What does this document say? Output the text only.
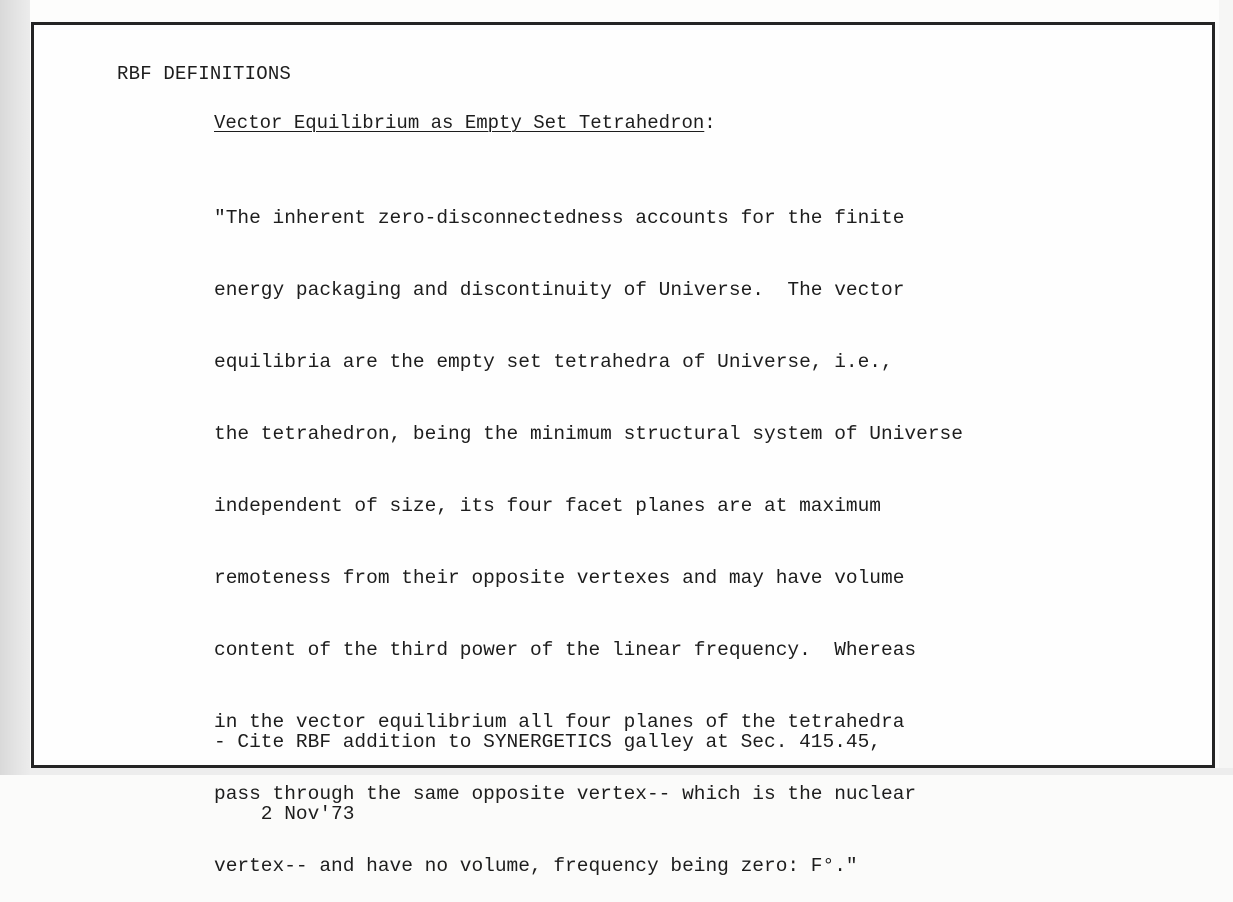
RBF DEFINITIONS
Vector Equilibrium as Empty Set Tetrahedron:

"The inherent zero-disconnectedness accounts for the finite

energy packaging and discontinuity of Universe.  The vector

equilibria are the empty set tetrahedra of Universe, i.e.,

the tetrahedron, being the minimum structural system of Universe

independent of size, its four facet planes are at maximum

remoteness from their opposite vertexes and may have volume

content of the third power of the linear frequency.  Whereas

in the vector equilibrium all four planes of the tetrahedra

pass through the same opposite vertex-- which is the nuclear

vertex-- and have no volume, frequency being zero: F°."

- Cite RBF addition to SYNERGETICS galley at Sec. 415.45,

2 Nov'73
